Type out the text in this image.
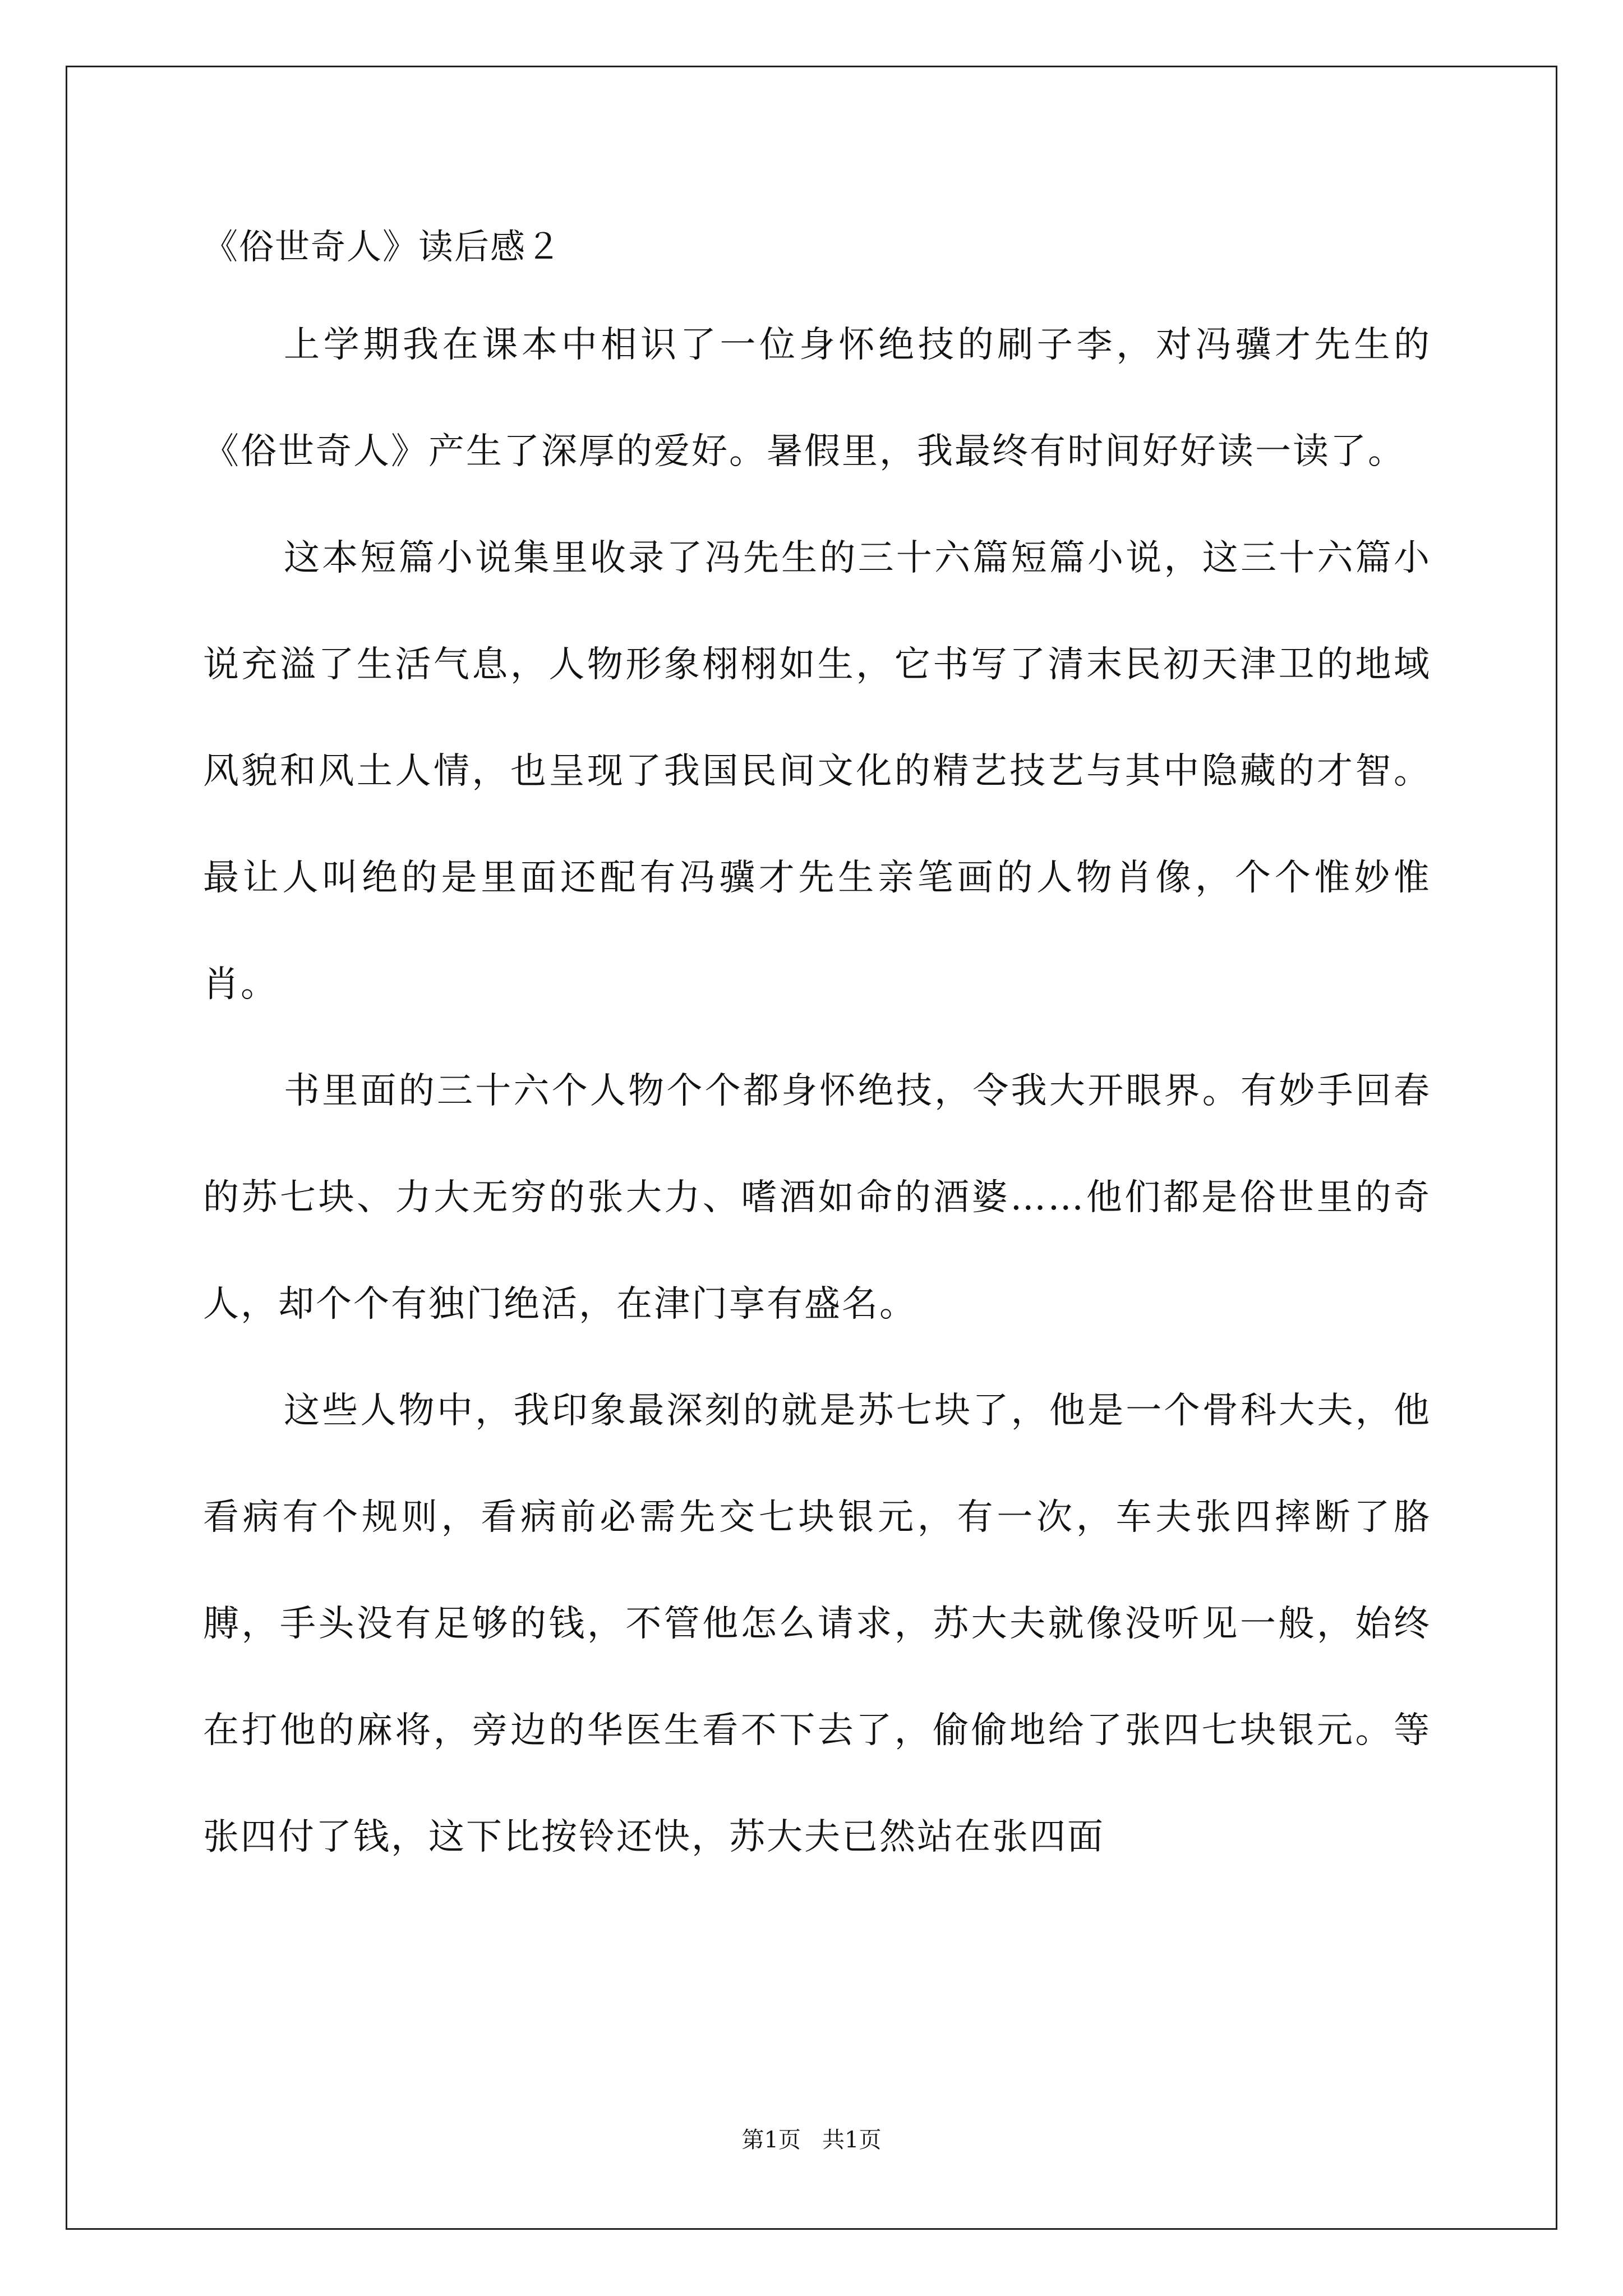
《俗世奇人》读后感２

上学期我在课本中相识了一位身怀绝技的刷子李，对冯骥才先生的《俗世奇人》产生了深厚的爱好。暑假里，我最终有时间好好读一读了。

这本短篇小说集里收录了冯先生的三十六篇短篇小说，这三十六篇小说充溢了生活气息，人物形象栩栩如生，它书写了清末民初天津卫的地域风貌和风土人情，也呈现了我国民间文化的精艺技艺与其中隐藏的才智。最让人叫绝的是里面还配有冯骥才先生亲笔画的人物肖像，个个惟妙惟肖。

书里面的三十六个人物个个都身怀绝技，令我大开眼界。有妙手回春的苏七块、力大无穷的张大力、嗜酒如命的酒婆……他们都是俗世里的奇人，却个个有独门绝活，在津门享有盛名。

这些人物中，我印象最深刻的就是苏七块了，他是一个骨科大夫，他看病有个规则，看病前必需先交七块银元，有一次，车夫张四摔断了胳膊，手头没有足够的钱，不管他怎么请求，苏大夫就像没听见一般，始终在打他的麻将，旁边的华医生看不下去了，偷偷地给了张四七块银元。等张四付了钱，这下比按铃还快，苏大夫已然站在张四面

第1页   共1页
